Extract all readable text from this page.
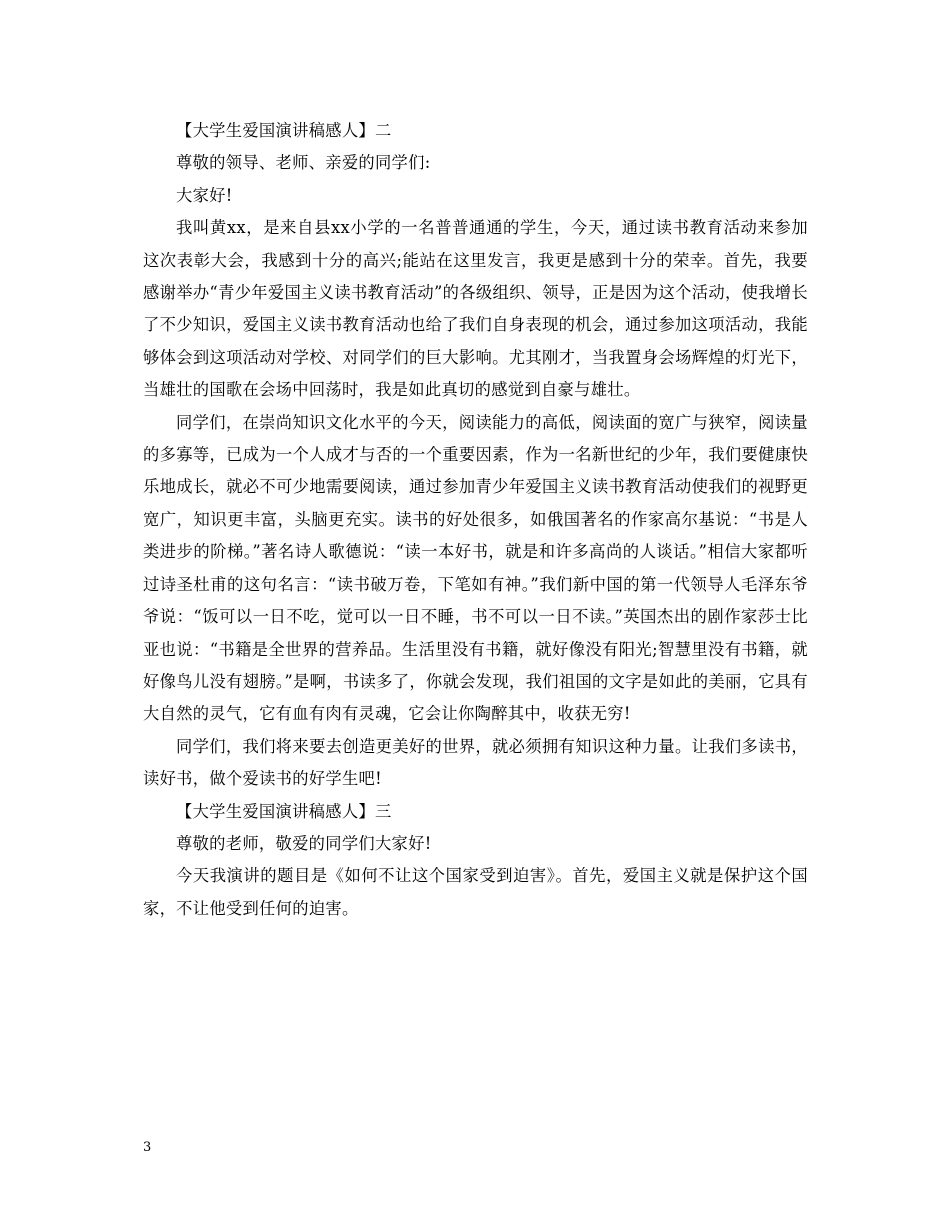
【大学生爱国演讲稿感人】二

尊敬的领导、老师、亲爱的同学们:

大家好!

我叫黄xx，是来自县xx小学的一名普普通通的学生，今天，通过读书教育活动来参加这次表彰大会，我感到十分的高兴;能站在这里发言，我更是感到十分的荣幸。首先，我要感谢举办“青少年爱国主义读书教育活动”的各级组织、领导，正是因为这个活动，使我增长了不少知识，爱国主义读书教育活动也给了我们自身表现的机会，通过参加这项活动，我能够体会到这项活动对学校、对同学们的巨大影响。尤其刚才，当我置身会场辉煌的灯光下，当雄壮的国歌在会场中回荡时，我是如此真切的感觉到自豪与雄壮。

同学们，在崇尚知识文化水平的今天，阅读能力的高低，阅读面的宽广与狭窄，阅读量的多寡等，已成为一个人成才与否的一个重要因素，作为一名新世纪的少年，我们要健康快乐地成长，就必不可少地需要阅读，通过参加青少年爱国主义读书教育活动使我们的视野更宽广，知识更丰富，头脑更充实。读书的好处很多，如俄国著名的作家高尔基说：“书是人类进步的阶梯。”著名诗人歌德说：“读一本好书，就是和许多高尚的人谈话。”相信大家都听过诗圣杜甫的这句名言：“读书破万卷，下笔如有神。”我们新中国的第一代领导人毛泽东爷爷说：“饭可以一日不吃，觉可以一日不睡，书不可以一日不读。”英国杰出的剧作家莎士比亚也说：“书籍是全世界的营养品。生活里没有书籍，就好像没有阳光;智慧里没有书籍，就好像鸟儿没有翅膀。”是啊，书读多了，你就会发现，我们祖国的文字是如此的美丽，它具有大自然的灵气，它有血有肉有灵魂，它会让你陶醉其中，收获无穷!

同学们，我们将来要去创造更美好的世界，就必须拥有知识这种力量。让我们多读书，读好书，做个爱读书的好学生吧!

【大学生爱国演讲稿感人】三

尊敬的老师，敬爱的同学们大家好!

今天我演讲的题目是《如何不让这个国家受到迫害》。首先，爱国主义就是保护这个国家，不让他受到任何的迫害。

3
